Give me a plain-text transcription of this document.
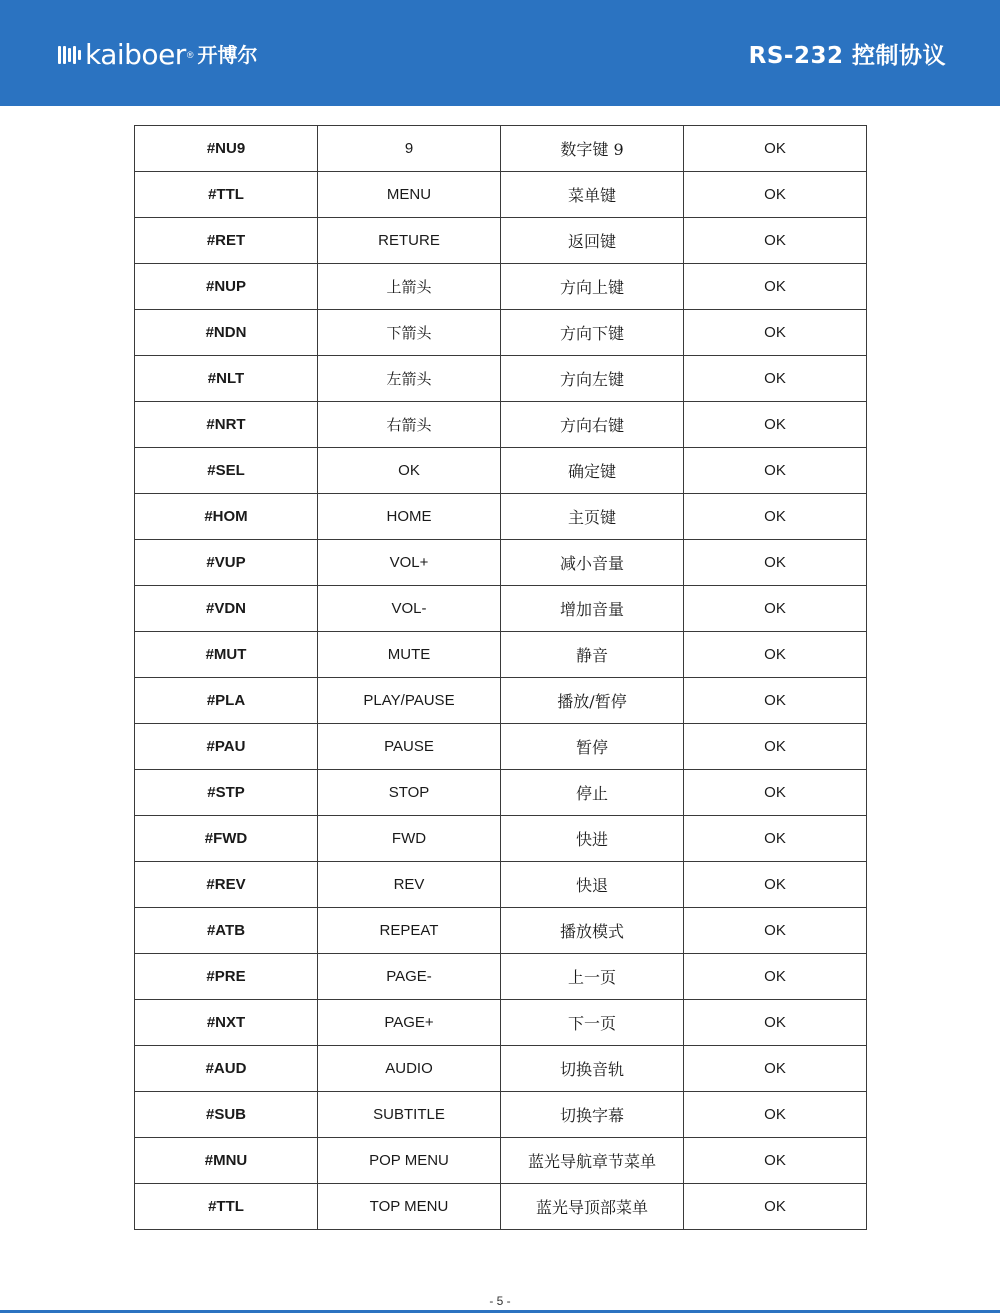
kaiboer ® 开博尔	RS-232 控制协议
#NU9	9	数字键 9	OK
#TTL	MENU	菜单键	OK
#RET	RETURE	返回键	OK
#NUP	上箭头	方向上键	OK
#NDN	下箭头	方向下键	OK
#NLT	左箭头	方向左键	OK
#NRT	右箭头	方向右键	OK
#SEL	OK	确定键	OK
#HOM	HOME	主页键	OK
#VUP	VOL+	减小音量	OK
#VDN	VOL-	增加音量	OK
#MUT	MUTE	静音	OK
#PLA	PLAY/PAUSE	播放/暂停	OK
#PAU	PAUSE	暂停	OK
#STP	STOP	停止	OK
#FWD	FWD	快进	OK
#REV	REV	快退	OK
#ATB	REPEAT	播放模式	OK
#PRE	PAGE-	上一页	OK
#NXT	PAGE+	下一页	OK
#AUD	AUDIO	切换音轨	OK
#SUB	SUBTITLE	切换字幕	OK
#MNU	POP MENU	蓝光导航章节菜单	OK
#TTL	TOP MENU	蓝光导顶部菜单	OK
- 5 -
